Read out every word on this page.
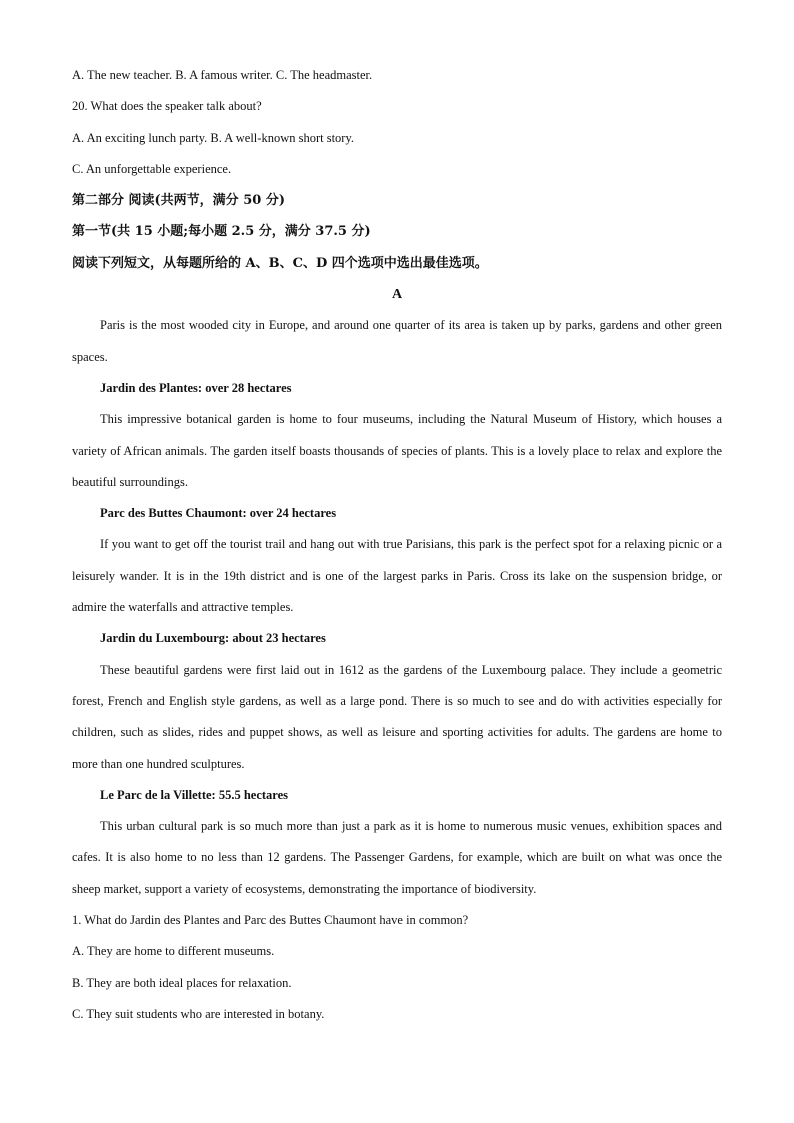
A. The new teacher. B. A famous writer. C. The headmaster.

20. What does the speaker talk about?

A. An exciting lunch party. B. A well-known short story.

C. An unforgettable experience.

第二部分 阅读(共两节，满分 50 分)

第一节(共 15 小题;每小题 2.5 分，满分 37.5 分)

阅读下列短文，从每题所给的 A、B、C、D 四个选项中选出最佳选项。

A

Paris is the most wooded city in Europe, and around one quarter of its area is taken up by parks, gardens and other green spaces.

Jardin des Plantes: over 28 hectares

This impressive botanical garden is home to four museums, including the Natural Museum of History, which houses a variety of African animals. The garden itself boasts thousands of species of plants. This is a lovely place to relax and explore the beautiful surroundings.

Parc des Buttes Chaumont: over 24 hectares

If you want to get off the tourist trail and hang out with true Parisians, this park is the perfect spot for a relaxing picnic or a leisurely wander. It is in the 19th district and is one of the largest parks in Paris. Cross its lake on the suspension bridge, or admire the waterfalls and attractive temples.

Jardin du Luxembourg: about 23 hectares

These beautiful gardens were first laid out in 1612 as the gardens of the Luxembourg palace. They include a geometric forest, French and English style gardens, as well as a large pond. There is so much to see and do with activities especially for children, such as slides, rides and puppet shows, as well as leisure and sporting activities for adults. The gardens are home to more than one hundred sculptures.

Le Parc de la Villette: 55.5 hectares

This urban cultural park is so much more than just a park as it is home to numerous music venues, exhibition spaces and cafes. It is also home to no less than 12 gardens. The Passenger Gardens, for example, which are built on what was once the sheep market, support a variety of ecosystems, demonstrating the importance of biodiversity.

1. What do Jardin des Plantes and Parc des Buttes Chaumont have in common?

A. They are home to different museums.

B. They are both ideal places for relaxation.

C. They suit students who are interested in botany.
